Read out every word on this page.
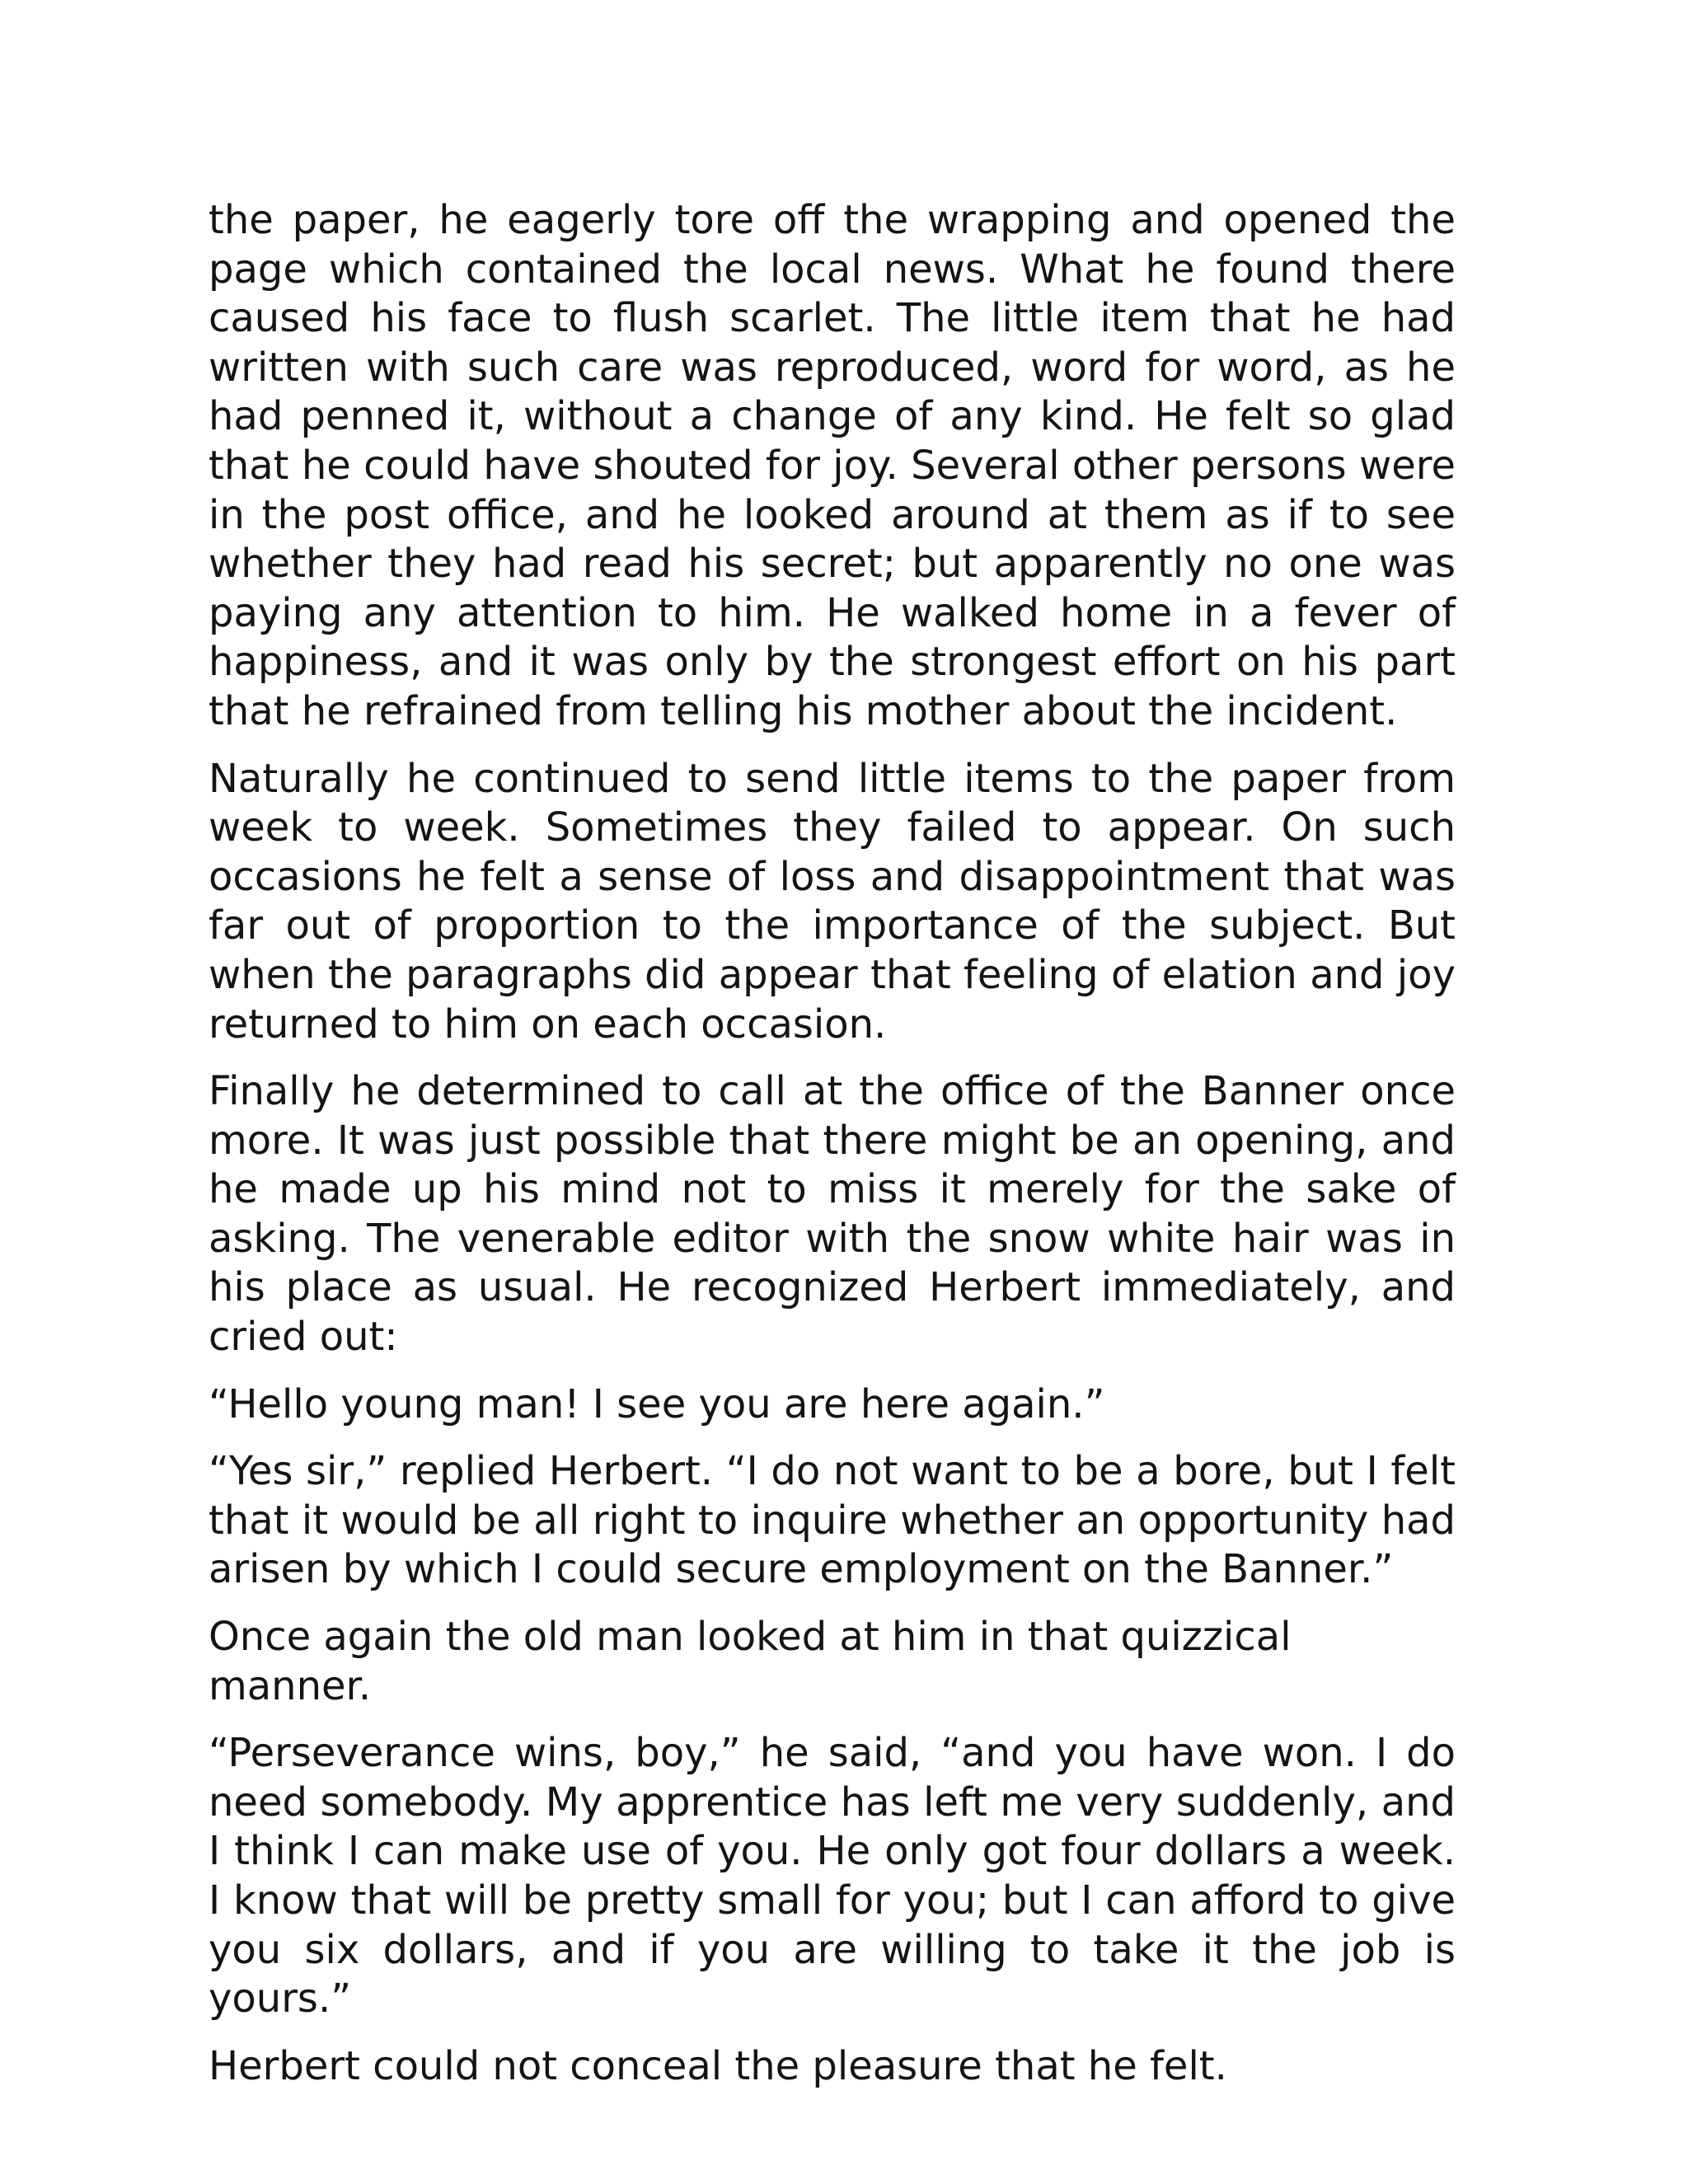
the paper, he eagerly tore off the wrapping and opened the page which contained the local news. What he found there caused his face to flush scarlet. The little item that he had written with such care was reproduced, word for word, as he had penned it, without a change of any kind. He felt so glad that he could have shouted for joy. Several other persons were in the post office, and he looked around at them as if to see whether they had read his secret; but apparently no one was paying any attention to him. He walked home in a fever of happiness, and it was only by the strongest effort on his part that he refrained from telling his mother about the incident.

Naturally he continued to send little items to the paper from week to week. Sometimes they failed to appear. On such occasions he felt a sense of loss and disappointment that was far out of proportion to the importance of the subject. But when the paragraphs did appear that feeling of elation and joy returned to him on each occasion.

Finally he determined to call at the office of the Banner once more. It was just possible that there might be an opening, and he made up his mind not to miss it merely for the sake of asking. The venerable editor with the snow white hair was in his place as usual. He recognized Herbert immediately, and cried out:

“Hello young man! I see you are here again.”

“Yes sir,” replied Herbert. “I do not want to be a bore, but I felt that it would be all right to inquire whether an opportunity had arisen by which I could secure employment on the Banner.”

Once again the old man looked at him in that quizzical manner.

“Perseverance wins, boy,” he said, “and you have won. I do need somebody. My apprentice has left me very suddenly, and I think I can make use of you. He only got four dollars a week. I know that will be pretty small for you; but I can afford to give you six dollars, and if you are willing to take it the job is yours.”

Herbert could not conceal the pleasure that he felt.
